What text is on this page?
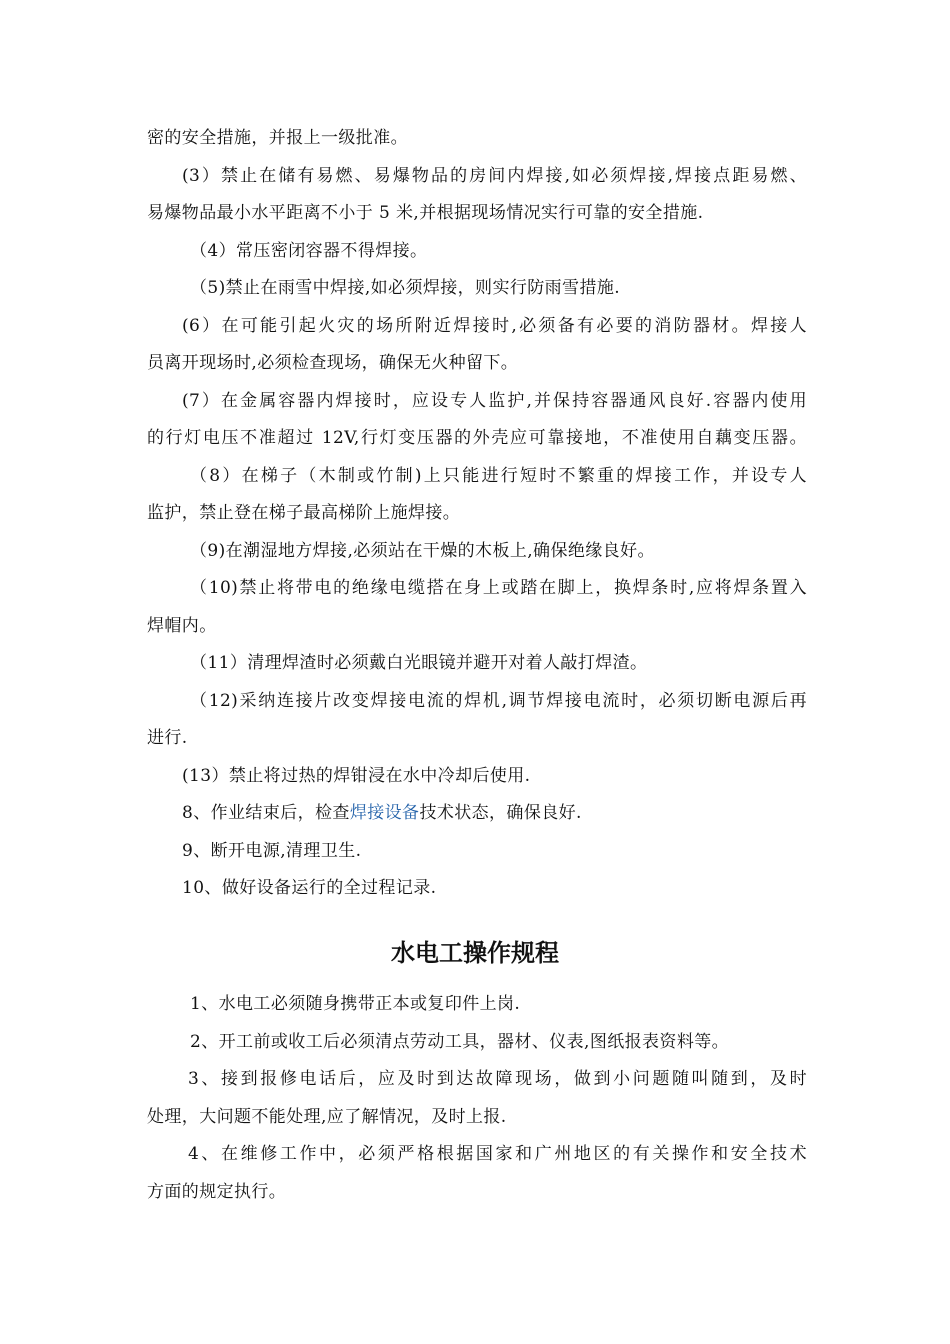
密的安全措施，并报上一级批准。
(3）禁止在储有易燃、易爆物品的房间内焊接,如必须焊接,焊接点距易燃、
易爆物品最小水平距离不小于 5 米,并根据现场情况实行可靠的安全措施.
（4）常压密闭容器不得焊接。
（5)禁止在雨雪中焊接,如必须焊接，则实行防雨雪措施.
(6）在可能引起火灾的场所附近焊接时,必须备有必要的消防器材。焊接人
员离开现场时,必须检查现场，确保无火种留下。
(7）在金属容器内焊接时，应设专人监护,并保持容器通风良好.容器内使用
的行灯电压不准超过 12V,行灯变压器的外壳应可靠接地，不准使用自藕变压器。
（8）在梯子（木制或竹制)上只能进行短时不繁重的焊接工作，并设专人
监护，禁止登在梯子最高梯阶上施焊接。
（9)在潮湿地方焊接,必须站在干燥的木板上,确保绝缘良好。
（10)禁止将带电的绝缘电缆搭在身上或踏在脚上，换焊条时,应将焊条置入
焊帽内。
（11）清理焊渣时必须戴白光眼镜并避开对着人敲打焊渣。
（12)采纳连接片改变焊接电流的焊机,调节焊接电流时，必须切断电源后再
进行.
(13）禁止将过热的焊钳浸在水中冷却后使用.
8、作业结束后，检查焊接设备技术状态，确保良好.
9、断开电源,清理卫生.
10、做好设备运行的全过程记录.
水电工操作规程
1、水电工必须随身携带正本或复印件上岗.
2、开工前或收工后必须清点劳动工具，器材、仪表,图纸报表资料等。
3、接到报修电话后，应及时到达故障现场，做到小问题随叫随到，及时
处理，大问题不能处理,应了解情况，及时上报.
4、在维修工作中，必须严格根据国家和广州地区的有关操作和安全技术
方面的规定执行。
